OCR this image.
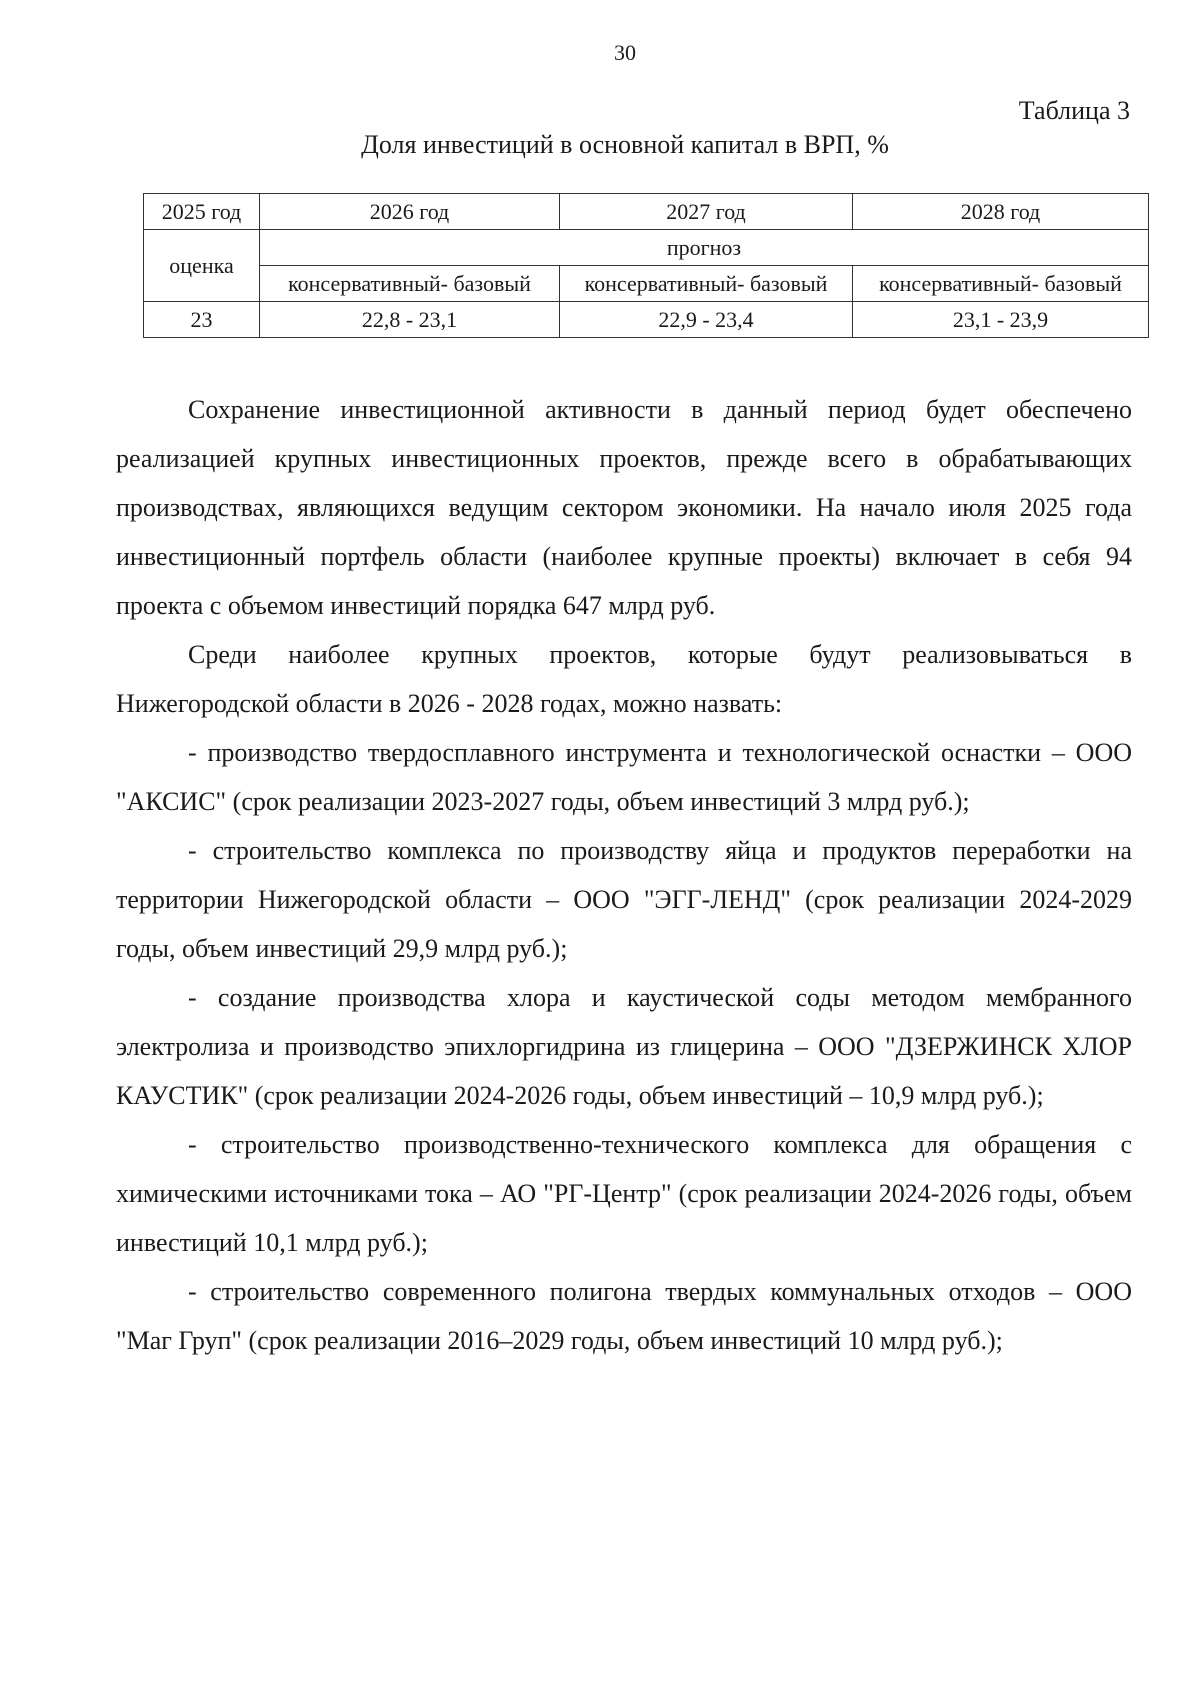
30
Таблица 3
Доля инвестиций в основной капитал в ВРП, %
2025 год	2026 год	2027 год	2028 год
оценка	прогноз		
	консервативный- базовый	консервативный- базовый	консервативный- базовый
23	22,8 - 23,1	22,9 - 23,4	23,1 - 23,9

Сохранение инвестиционной активности в данный период будет обеспечено реализацией крупных инвестиционных проектов, прежде всего в обрабатывающих производствах, являющихся ведущим сектором экономики. На начало июля 2025 года инвестиционный портфель области (наиболее крупные проекты) включает в себя 94 проекта с объемом инвестиций порядка 647 млрд руб.

Среди наиболее крупных проектов, которые будут реализовываться в Нижегородской области в 2026 - 2028 годах, можно назвать:

- производство твердосплавного инструмента и технологической оснастки – ООО "АКСИС" (срок реализации 2023-2027 годы, объем инвестиций 3 млрд руб.);

- строительство комплекса по производству яйца и продуктов переработки на территории Нижегородской области – ООО "ЭГГ-ЛЕНД" (срок реализации 2024-2029 годы, объем инвестиций 29,9 млрд руб.);

- создание производства хлора и каустической соды методом мембранного электролиза и производство эпихлоргидрина из глицерина – ООО "ДЗЕРЖИНСК ХЛОР КАУСТИК" (срок реализации 2024-2026 годы, объем инвестиций – 10,9 млрд руб.);

- строительство производственно-технического комплекса для обращения с химическими источниками тока – АО "РГ-Центр" (срок реализации 2024-2026 годы, объем инвестиций 10,1 млрд руб.);

- строительство современного полигона твердых коммунальных отходов – ООО "Маг Груп" (срок реализации 2016–2029 годы, объем инвестиций 10 млрд руб.);
